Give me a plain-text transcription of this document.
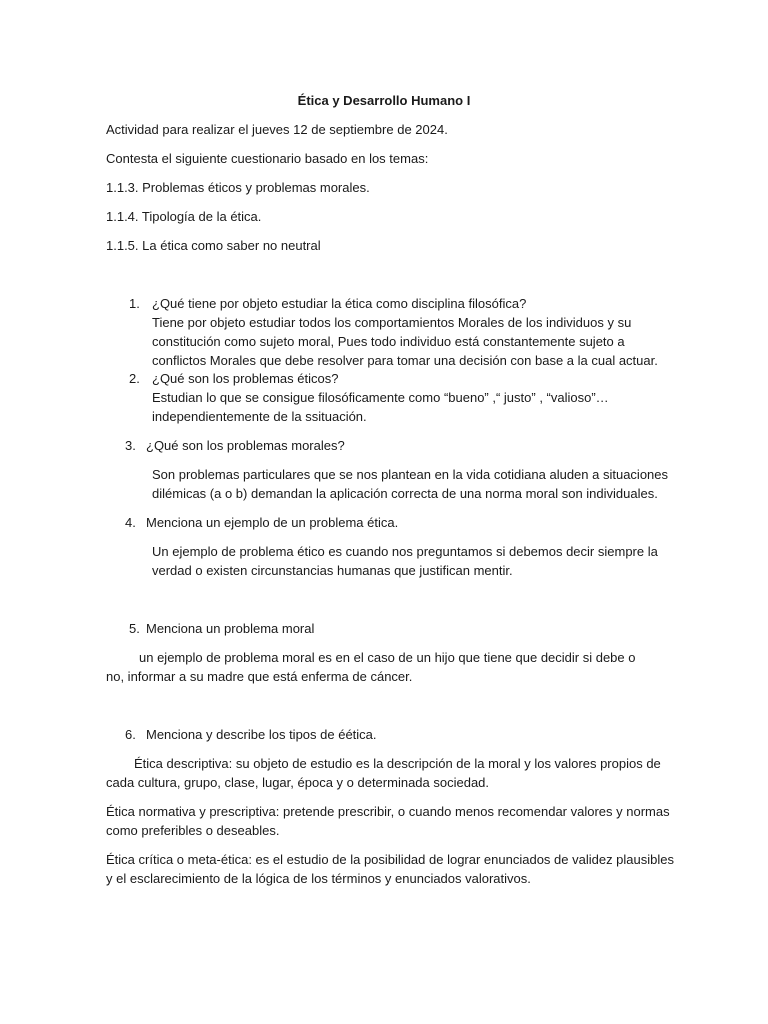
Ética y Desarrollo Humano I
Actividad para realizar el jueves 12 de septiembre de 2024.
Contesta el siguiente cuestionario basado en los temas:
1.1.3. Problemas éticos y problemas morales.
1.1.4. Tipología de la ética.
1.1.5. La ética como saber no neutral
1. ¿Qué tiene por objeto estudiar la ética como disciplina filosófica?
Tiene por objeto estudiar todos los comportamientos Morales de los individuos y su
constitución como sujeto moral, Pues todo individuo está constantemente sujeto a
conflictos Morales que debe resolver para tomar una decisión con base a la cual actuar.
2. ¿Qué son los problemas éticos?
Estudian lo que se consigue filosóficamente como “bueno” ,“ justo” , “valioso”…
independientemente de la ssituación.
3. ¿Qué son los problemas morales?
Son problemas particulares que se nos plantean en la vida cotidiana aluden a situaciones
dilémicas (a o b) demandan la aplicación correcta de una norma moral son individuales.
4. Menciona un ejemplo de un problema ética.
Un ejemplo de problema ético es cuando nos preguntamos si debemos decir siempre la
verdad o existen circunstancias humanas que justifican mentir.
5. Menciona un problema moral
un ejemplo de problema moral es en el caso de un hijo que tiene que decidir si debe o
no, informar a su madre que está enferma de cáncer.
6. Menciona y describe los tipos de éética.
Ética descriptiva: su objeto de estudio es la descripción de la moral y los valores propios de
cada cultura, grupo, clase, lugar, época y o determinada sociedad.
Ética normativa y prescriptiva: pretende prescribir, o cuando menos recomendar valores y normas
como preferibles o deseables.
Ética crítica o meta-ética: es el estudio de la posibilidad de lograr enunciados de validez plausibles
y el esclarecimiento de la lógica de los términos y enunciados valorativos.
